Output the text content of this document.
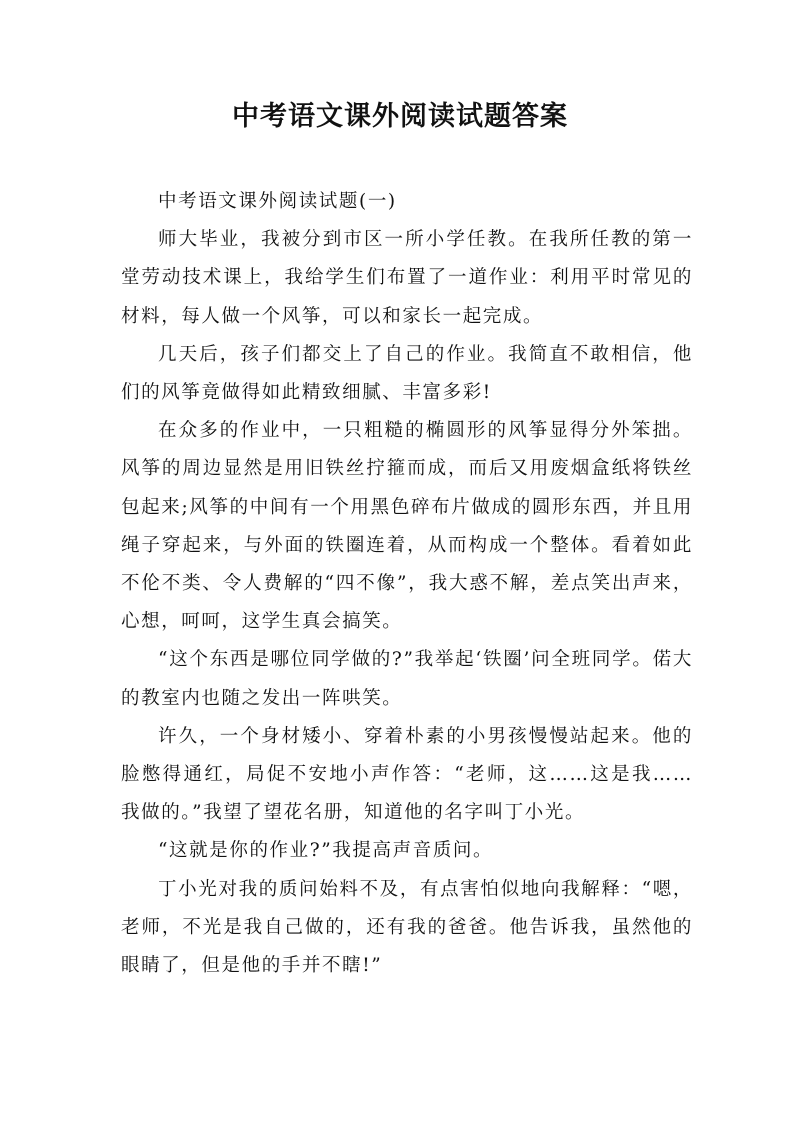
中考语文课外阅读试题答案

中考语文课外阅读试题(一)

师大毕业，我被分到市区一所小学任教。在我所任教的第一堂劳动技术课上，我给学生们布置了一道作业：利用平时常见的材料，每人做一个风筝，可以和家长一起完成。

几天后，孩子们都交上了自己的作业。我简直不敢相信，他们的风筝竟做得如此精致细腻、丰富多彩!

在众多的作业中，一只粗糙的椭圆形的风筝显得分外笨拙。风筝的周边显然是用旧铁丝拧箍而成，而后又用废烟盒纸将铁丝包起来;风筝的中间有一个用黑色碎布片做成的圆形东西，并且用绳子穿起来，与外面的铁圈连着，从而构成一个整体。看着如此不伦不类、令人费解的“四不像”，我大惑不解，差点笑出声来，心想，呵呵，这学生真会搞笑。

“这个东西是哪位同学做的?”我举起‘铁圈’问全班同学。偌大的教室内也随之发出一阵哄笑。

许久，一个身材矮小、穿着朴素的小男孩慢慢站起来。他的脸憋得通红，局促不安地小声作答：“老师，这……这是我……我做的。”我望了望花名册，知道他的名字叫丁小光。

“这就是你的作业?”我提高声音质问。

丁小光对我的质问始料不及，有点害怕似地向我解释：“嗯，老师，不光是我自己做的，还有我的爸爸。他告诉我，虽然他的眼睛了，但是他的手并不瞎!”
